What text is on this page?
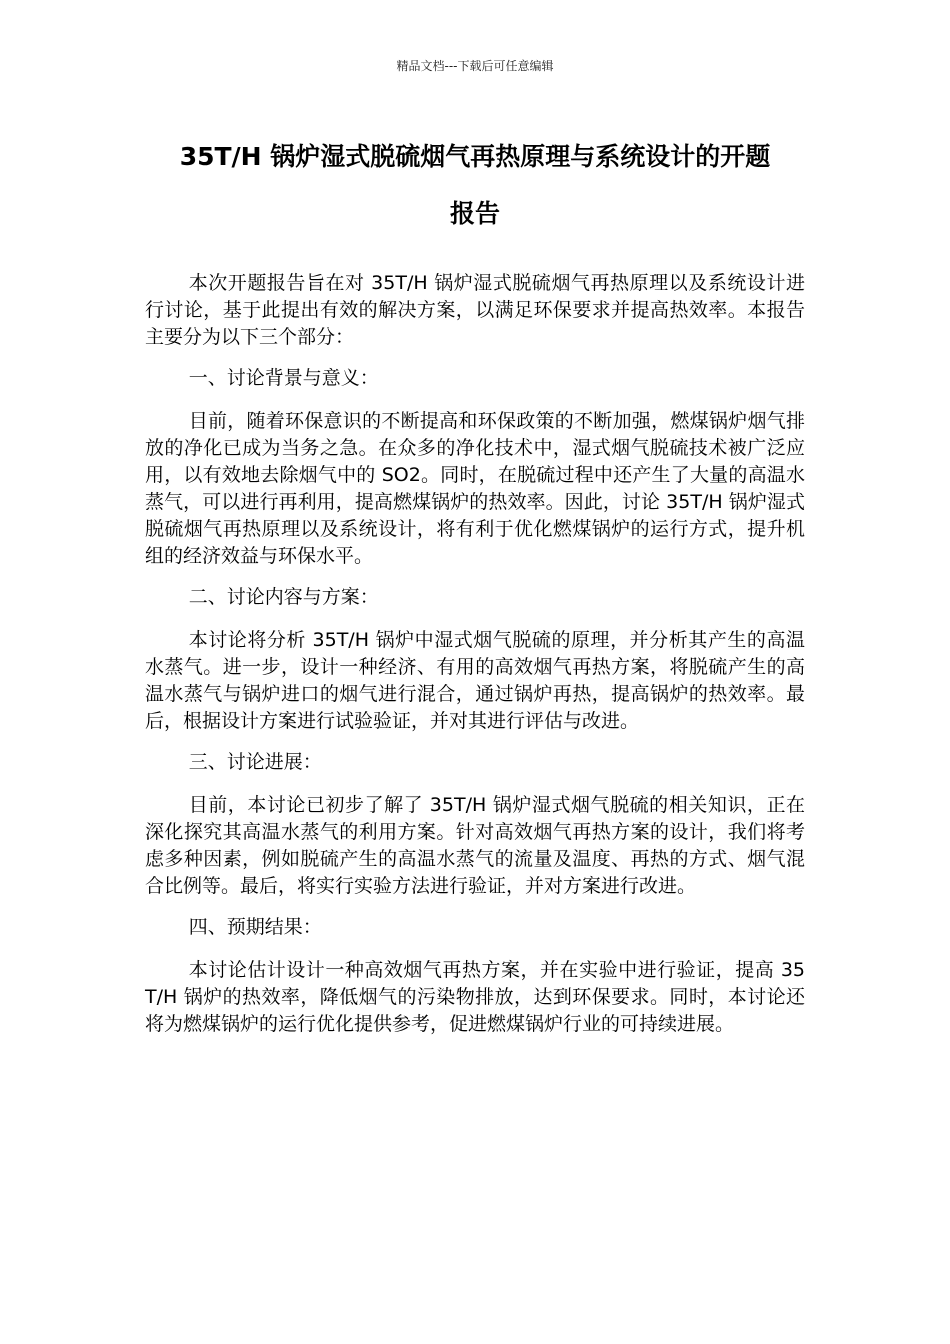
精品文档---下载后可任意编辑
35T/H 锅炉湿式脱硫烟气再热原理与系统设计的开题
报告

本次开题报告旨在对 35T/H 锅炉湿式脱硫烟气再热原理以及系统设计进行讨论，基于此提出有效的解决方案，以满足环保要求并提高热效率。本报告主要分为以下三个部分：

一、讨论背景与意义：

目前，随着环保意识的不断提高和环保政策的不断加强，燃煤锅炉烟气排放的净化已成为当务之急。在众多的净化技术中，湿式烟气脱硫技术被广泛应用，以有效地去除烟气中的 SO2。同时，在脱硫过程中还产生了大量的高温水蒸气，可以进行再利用，提高燃煤锅炉的热效率。因此，讨论 35T/H 锅炉湿式脱硫烟气再热原理以及系统设计，将有利于优化燃煤锅炉的运行方式，提升机组的经济效益与环保水平。

二、讨论内容与方案：

本讨论将分析 35T/H 锅炉中湿式烟气脱硫的原理，并分析其产生的高温水蒸气。进一步，设计一种经济、有用的高效烟气再热方案，将脱硫产生的高温水蒸气与锅炉进口的烟气进行混合，通过锅炉再热，提高锅炉的热效率。最后，根据设计方案进行试验验证，并对其进行评估与改进。

三、讨论进展：

目前，本讨论已初步了解了 35T/H 锅炉湿式烟气脱硫的相关知识，正在深化探究其高温水蒸气的利用方案。针对高效烟气再热方案的设计，我们将考虑多种因素，例如脱硫产生的高温水蒸气的流量及温度、再热的方式、烟气混合比例等。最后，将实行实验方法进行验证，并对方案进行改进。

四、预期结果：

本讨论估计设计一种高效烟气再热方案，并在实验中进行验证，提高 35T/H 锅炉的热效率，降低烟气的污染物排放，达到环保要求。同时，本讨论还将为燃煤锅炉的运行优化提供参考，促进燃煤锅炉行业的可持续进展。
